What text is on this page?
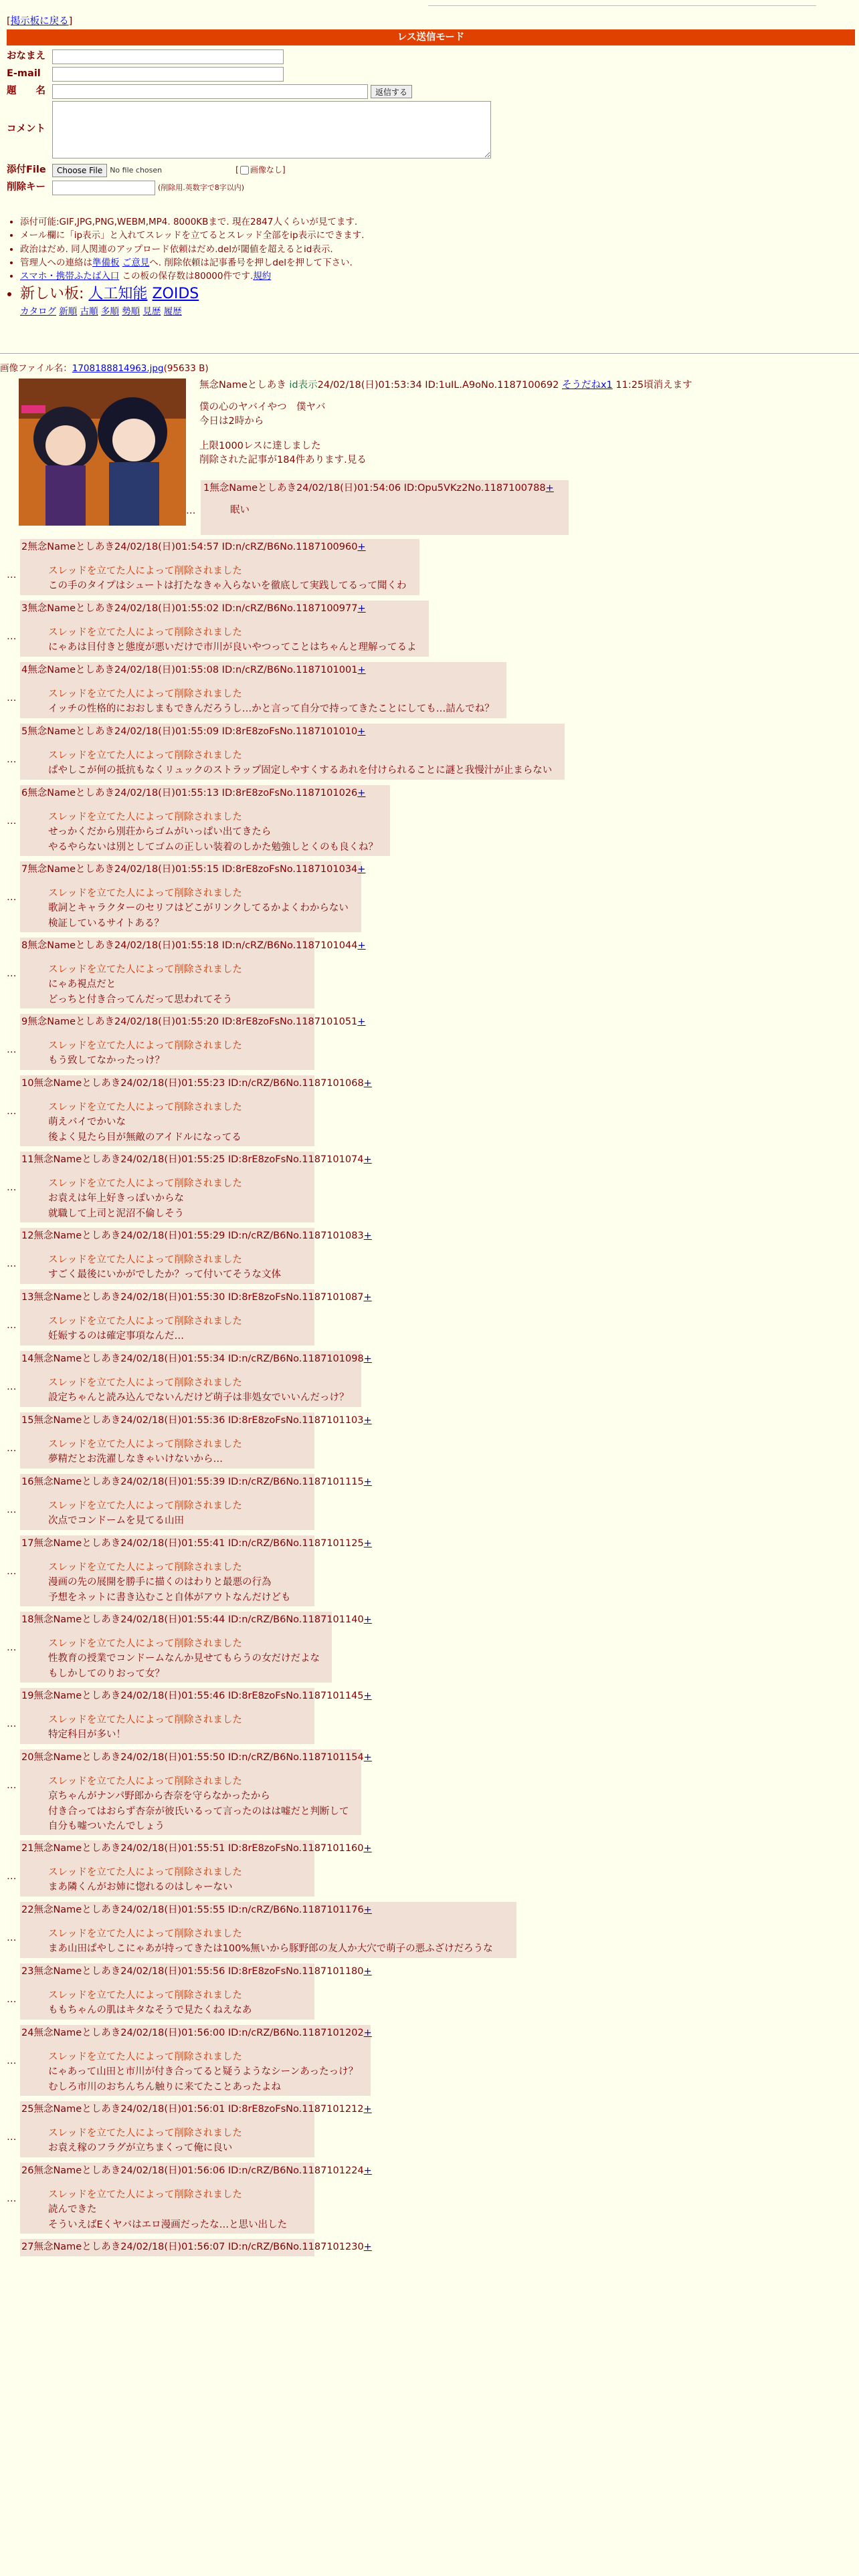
[掲示板に戻る]
レス送信モード
おなまえ
E-mail
題　　名	返信する
コメント
添付File	Choose File	No file chosen	[ 画像なし]
削除キー	(削除用.英数字で8字以内)
• 添付可能:GIF,JPG,PNG,WEBM,MP4. 8000KBまで. 現在2847人くらいが見てます.
• メール欄に「ip表示」と入れてスレッドを立てるとスレッド全部をip表示にできます.
• 政治はだめ. 同人関連のアップロード依頼はだめ.delが閾値を超えるとid表示.
• 管理人への連絡は準備板 ご意見へ. 削除依頼は記事番号を押しdelを押して下さい.
• スマホ・携帯ふたば入口 この板の保存数は80000件です.規約
• 新しい板: 人工知能 ZOIDS
カタログ 新順 古順 多順 勢順 見歴 履歴
画像ファイル名：1708188814963.jpg(95633 B)
無念Nameとしあき id表示24/02/18(日)01:53:34 ID:1uIL.A9oNo.1187100692 そうだねx1 11:25頃消えます
僕の心のヤバイやつ　僕ヤバ
今日は2時から
上限1000レスに達しました
削除された記事が184件あります.見る
…
1無念Nameとしあき24/02/18(日)01:54:06 ID:Opu5VKz2No.1187100788+
眠い
2無念Nameとしあき24/02/18(日)01:54:57 ID:n/cRZ/B6No.1187100960+
…	スレッドを立てた人によって削除されました
この手のタイプはシュートは打たなきゃ入らないを徹底して実践してるって聞くわ
3無念Nameとしあき24/02/18(日)01:55:02 ID:n/cRZ/B6No.1187100977+
…	スレッドを立てた人によって削除されました
にゃあは目付きと態度が悪いだけで市川が良いやつってことはちゃんと理解ってるよ
4無念Nameとしあき24/02/18(日)01:55:08 ID:n/cRZ/B6No.1187101001+
…	スレッドを立てた人によって削除されました
イッチの性格的におおしまもできんだろうし…かと言って自分で持ってきたことにしても…詰んでね？
5無念Nameとしあき24/02/18(日)01:55:09 ID:8rE8zoFsNo.1187101010+
…	スレッドを立てた人によって削除されました
ぱやしこが何の抵抗もなくリュックのストラップ固定しやすくするあれを付けられることに謎と我慢汁が止まらない
6無念Nameとしあき24/02/18(日)01:55:13 ID:8rE8zoFsNo.1187101026+
…	スレッドを立てた人によって削除されました
せっかくだから別荘からゴムがいっぱい出てきたら
やるやらないは別としてゴムの正しい装着のしかた勉強しとくのも良くね？
7無念Nameとしあき24/02/18(日)01:55:15 ID:8rE8zoFsNo.1187101034+
…	スレッドを立てた人によって削除されました
歌詞とキャラクターのセリフはどこがリンクしてるかよくわからない
検証しているサイトある？
8無念Nameとしあき24/02/18(日)01:55:18 ID:n/cRZ/B6No.1187101044+
…	スレッドを立てた人によって削除されました
にゃあ視点だと
どっちと付き合ってんだって思われてそう
9無念Nameとしあき24/02/18(日)01:55:20 ID:8rE8zoFsNo.1187101051+
…	スレッドを立てた人によって削除されました
もう致してなかったっけ？
10無念Nameとしあき24/02/18(日)01:55:23 ID:n/cRZ/B6No.1187101068+
…	スレッドを立てた人によって削除されました
萌えバイでかいな
後よく見たら目が無敵のアイドルになってる
11無念Nameとしあき24/02/18(日)01:55:25 ID:8rE8zoFsNo.1187101074+
…	スレッドを立てた人によって削除されました
お袁えは年上好きっぽいからな
就職して上司と泥沼不倫しそう
12無念Nameとしあき24/02/18(日)01:55:29 ID:n/cRZ/B6No.1187101083+
…	スレッドを立てた人によって削除されました
すごく最後にいかがでしたか？って付いてそうな文体
13無念Nameとしあき24/02/18(日)01:55:30 ID:8rE8zoFsNo.1187101087+
…	スレッドを立てた人によって削除されました
妊娠するのは確定事項なんだ…
14無念Nameとしあき24/02/18(日)01:55:34 ID:n/cRZ/B6No.1187101098+
…	スレッドを立てた人によって削除されました
設定ちゃんと読み込んでないんだけど萌子は非処女でいいんだっけ？
15無念Nameとしあき24/02/18(日)01:55:36 ID:8rE8zoFsNo.1187101103+
…	スレッドを立てた人によって削除されました
夢精だとお洗濯しなきゃいけないから…
16無念Nameとしあき24/02/18(日)01:55:39 ID:n/cRZ/B6No.1187101115+
…	スレッドを立てた人によって削除されました
次点でコンドームを見てる山田
17無念Nameとしあき24/02/18(日)01:55:41 ID:n/cRZ/B6No.1187101125+
…	スレッドを立てた人によって削除されました
漫画の先の展開を勝手に描くのはわりと最悪の行為
予想をネットに書き込むこと自体がアウトなんだけども
18無念Nameとしあき24/02/18(日)01:55:44 ID:n/cRZ/B6No.1187101140+
…	スレッドを立てた人によって削除されました
性教育の授業でコンドームなんか見せてもらうの女だけだよな
もしかしてのりおって女？
19無念Nameとしあき24/02/18(日)01:55:46 ID:8rE8zoFsNo.1187101145+
…	スレッドを立てた人によって削除されました
特定科目が多い！
20無念Nameとしあき24/02/18(日)01:55:50 ID:n/cRZ/B6No.1187101154+
…	スレッドを立てた人によって削除されました
京ちゃんがナンパ野郎から杏奈を守らなかったから
付き合ってはおらず杏奈が彼氏いるって言ったのはは嘘だと判断して
自分も嘘ついたんでしょう
21無念Nameとしあき24/02/18(日)01:55:51 ID:8rE8zoFsNo.1187101160+
…	スレッドを立てた人によって削除されました
まあ隣くんがお姉に惚れるのはしゃーない
22無念Nameとしあき24/02/18(日)01:55:55 ID:n/cRZ/B6No.1187101176+
…	スレッドを立てた人によって削除されました
まあ山田ぱやしこにゃあが持ってきたは100%無いから豚野郎の友人か大穴で萌子の悪ふざけだろうな
23無念Nameとしあき24/02/18(日)01:55:56 ID:8rE8zoFsNo.1187101180+
…	スレッドを立てた人によって削除されました
ももちゃんの肌はキタなそうで見たくねえなあ
24無念Nameとしあき24/02/18(日)01:56:00 ID:n/cRZ/B6No.1187101202+
…	スレッドを立てた人によって削除されました
にゃあって山田と市川が付き合ってると疑うようなシーンあったっけ？
むしろ市川のおちんちん触りに来てたことあったよね
25無念Nameとしあき24/02/18(日)01:56:01 ID:8rE8zoFsNo.1187101212+
…	スレッドを立てた人によって削除されました
お袁え稼のフラグが立ちまくって俺に良い
26無念Nameとしあき24/02/18(日)01:56:06 ID:n/cRZ/B6No.1187101224+
…	スレッドを立てた人によって削除されました
読んできた
そういえばEくヤバはエロ漫画だったな…と思い出した
27無念Nameとしあき24/02/18(日)01:56:07 ID:n/cRZ/B6No.1187101230+
